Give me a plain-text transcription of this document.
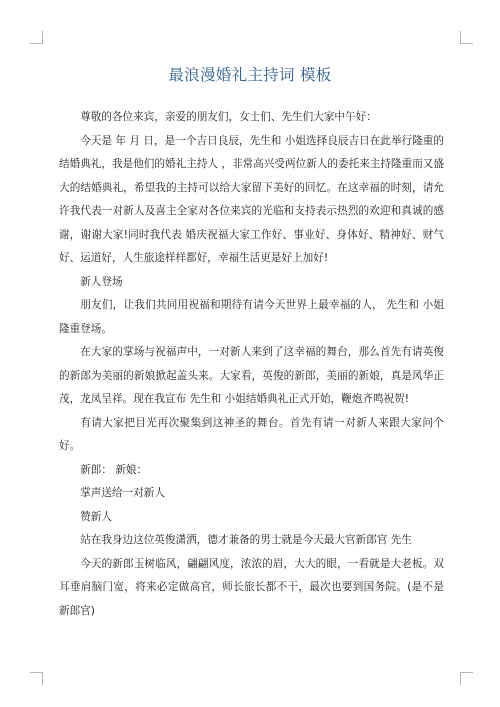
最浪漫婚礼主持词 模板

尊敬的各位来宾，亲爱的朋友们，女士们、先生们大家中午好：

今天是 年 月 日，是一个吉日良辰，先生和 小姐选择良辰吉日在此举行隆重的结婚典礼，我是他们的婚礼主持人 ，非常高兴受两位新人的委托来主持隆重而又盛大的结婚典礼，希望我的主持可以给大家留下美好的回忆。在这幸福的时刻，请允许我代表一对新人及喜主全家对各位来宾的光临和支持表示热烈的欢迎和真诚的感谢，谢谢大家!同时我代表 婚庆祝福大家工作好、事业好、身体好、精神好、财气好、运道好，人生旅途样样都好，幸福生活更是好上加好!

新人登场

朋友们，让我们共同用祝福和期待有请今天世界上最幸福的人， 先生和 小姐隆重登场。

在大家的掌场与祝福声中，一对新人来到了这幸福的舞台，那么首先有请英俊的新郎为美丽的新娘掀起盖头来。大家看，英俊的新郎，美丽的新娘，真是风华正茂，龙凤呈祥。现在我宣布 先生和 小姐结婚典礼正式开始，鞭炮齐鸣祝贺!

有请大家把目光再次聚集到这神圣的舞台。首先有请一对新人来跟大家问个好。

新郎： 新娘：

掌声送给一对新人

赞新人

站在我身边这位英俊潇洒，德才兼备的男士就是今天最大官新郎官 先生

今天的新郎玉树临风，翩翩风度，浓浓的眉，大大的眼，一看就是大老板。双耳垂肩脑门宽，将来必定做高官，师长旅长都不干，最次也要到国务院。(是不是新郎官)
